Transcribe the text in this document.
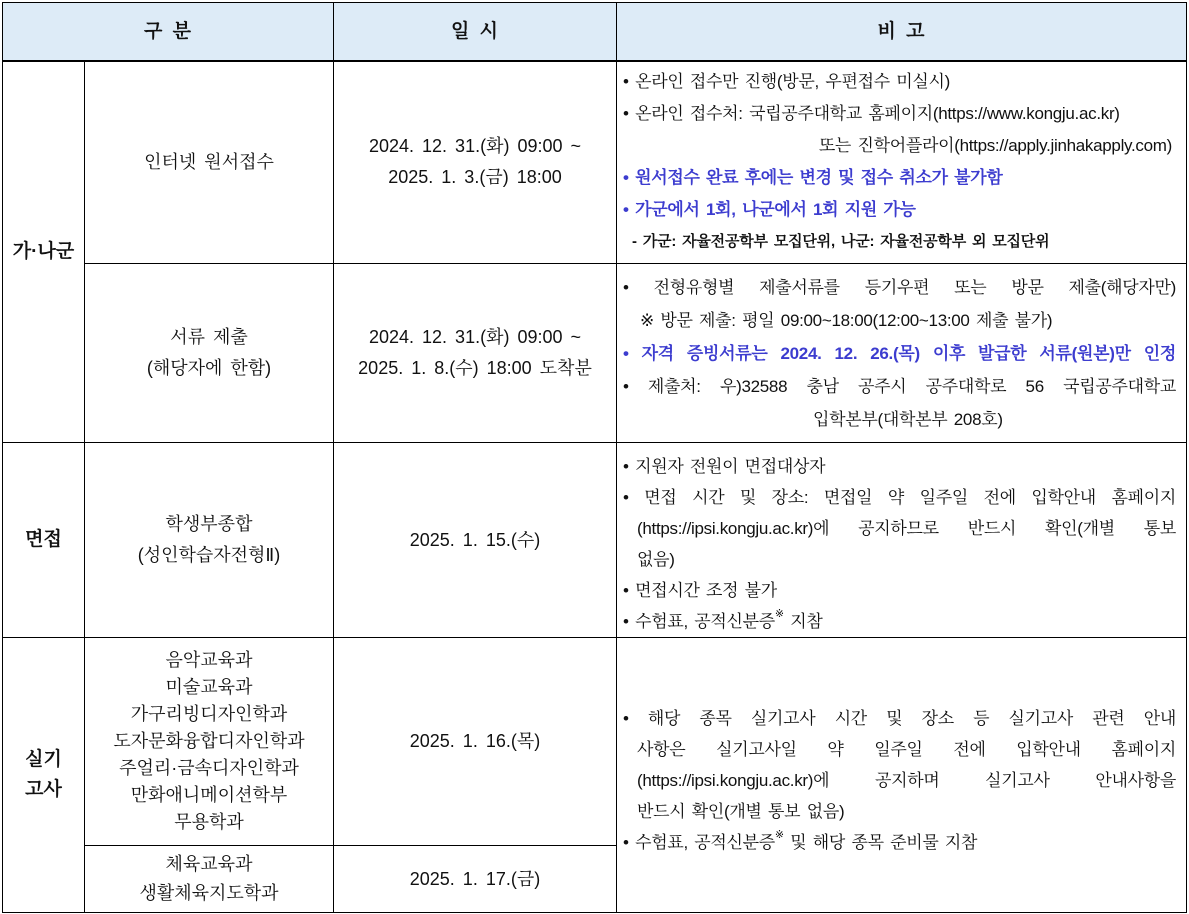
구 분	일 시	비 고
가·나군
면접
실기
고사
인터넷 원서접수
2024. 12. 31.(화) 09:00 ~
2025. 1. 3.(금) 18:00
• 온라인 접수만 진행(방문, 우편접수 미실시)
• 온라인 접수처: 국립공주대학교 홈페이지(https://www.kongju.ac.kr)
또는 진학어플라이(https://apply.jinhakapply.com)
• 원서접수 완료 후에는 변경 및 접수 취소가 불가함
• 가군에서 1회, 나군에서 1회 지원 가능
- 가군: 자율전공학부 모집단위, 나군: 자율전공학부 외 모집단위
서류 제출
(해당자에 한함)
2024. 12. 31.(화) 09:00 ~
2025. 1. 8.(수) 18:00 도착분
• 전형유형별 제출서류를 등기우편 또는 방문 제출(해당자만)
※ 방문 제출: 평일 09:00~18:00(12:00~13:00 제출 불가)
• 자격 증빙서류는 2024. 12. 26.(목) 이후 발급한 서류(원본)만 인정
• 제출처: 우)32588 충남 공주시 공주대학로 56 국립공주대학교
입학본부(대학본부 208호)
학생부종합
(성인학습자전형Ⅱ)
2025. 1. 15.(수)
• 지원자 전원이 면접대상자
• 면접 시간 및 장소: 면접일 약 일주일 전에 입학안내 홈페이지
(https://ipsi.kongju.ac.kr)에 공지하므로 반드시 확인(개별 통보
없음)
• 면접시간 조정 불가
• 수험표, 공적신분증※ 지참
음악교육과
미술교육과
가구리빙디자인학과
도자문화융합디자인학과
주얼리·금속디자인학과
만화애니메이션학부
무용학과
2025. 1. 16.(목)
체육교육과
생활체육지도학과
2025. 1. 17.(금)
• 해당 종목 실기고사 시간 및 장소 등 실기고사 관련 안내
사항은 실기고사일 약 일주일 전에 입학안내 홈페이지
(https://ipsi.kongju.ac.kr)에 공지하며 실기고사 안내사항을
반드시 확인(개별 통보 없음)
• 수험표, 공적신분증※ 및 해당 종목 준비물 지참
